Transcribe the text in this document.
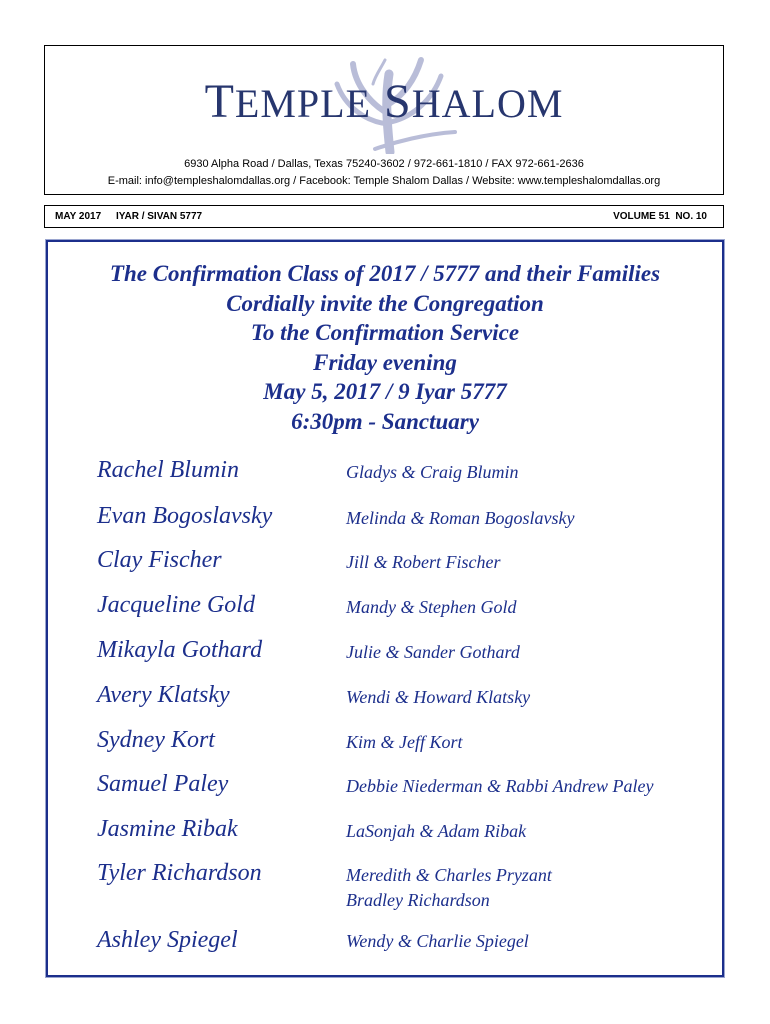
TEMPLE SHALOM
6930 Alpha Road / Dallas, Texas 75240-3602 / 972-661-1810 / FAX 972-661-2636
E-mail: info@templeshalomdallas.org / Facebook: Temple Shalom Dallas / Website: www.templeshalomdallas.org
MAY 2017 IYAR / SIVAN 5777	VOLUME 51  NO. 10
The Confirmation Class of 2017 / 5777 and their Families
Cordially invite the Congregation
To the Confirmation Service
Friday evening
May 5, 2017 / 9 Iyar 5777
6:30pm - Sanctuary
Rachel Blumin	Gladys & Craig Blumin
Evan Bogoslavsky	Melinda & Roman Bogoslavsky
Clay Fischer	Jill & Robert Fischer
Jacqueline Gold	Mandy & Stephen Gold
Mikayla Gothard	Julie & Sander Gothard
Avery Klatsky	Wendi & Howard Klatsky
Sydney Kort	Kim & Jeff Kort
Samuel Paley	Debbie Niederman & Rabbi Andrew Paley
Jasmine Ribak	LaSonjah & Adam Ribak
Tyler Richardson	Meredith & Charles Pryzant
Bradley Richardson
Ashley Spiegel	Wendy & Charlie Spiegel
